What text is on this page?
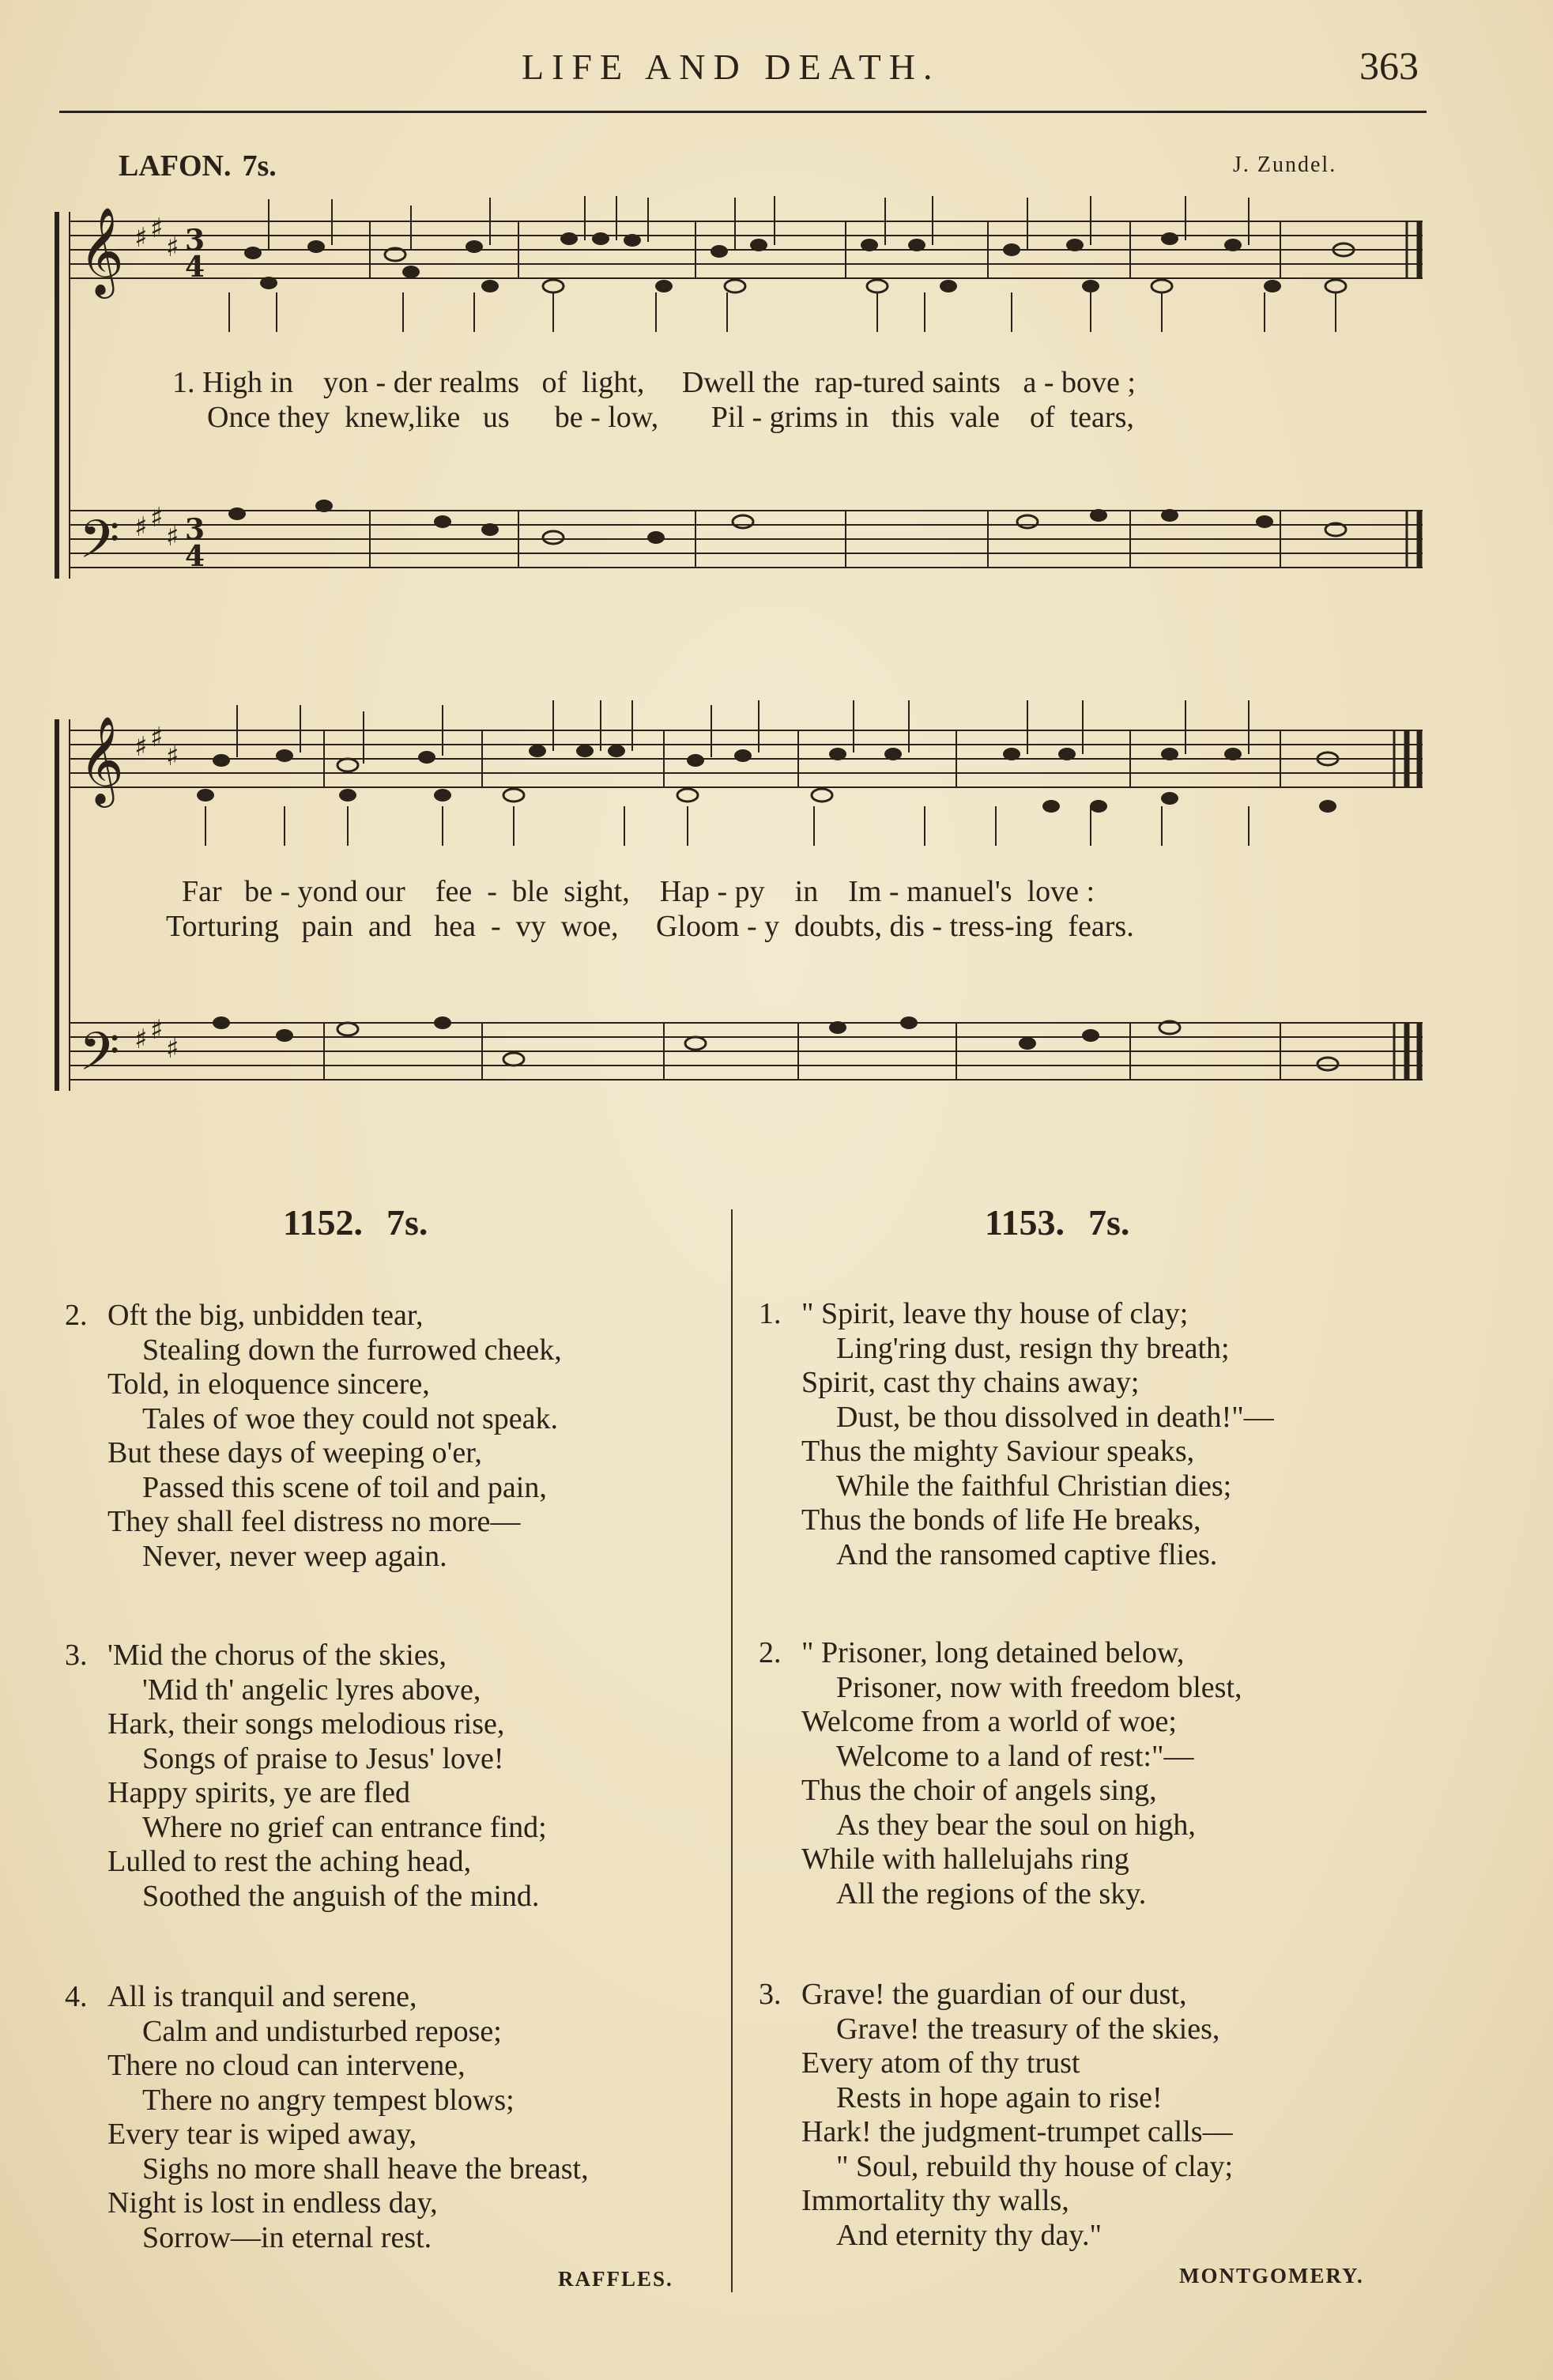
LIFE AND DEATH.	363
LAFON. 7s.	J. Zundel.
𝄞
𝄢
♯ ♯
♯
♯ ♯
♯
3
4
3
4
1. High in    yon - der realms   of  light,     Dwell the  rap-tured saints   a - bove ;
Once they  knew,like   us      be - low,       Pil - grims in   this  vale    of  tears,
𝄞
𝄢
♯ ♯
♯
♯ ♯
♯
Far   be - yond our    fee  -  ble  sight,    Hap - py    in    Im - manuel's  love :
Torturing   pain  and   hea  -  vy  woe,     Gloom - y  doubts, dis - tress-ing  fears.
1152. 7s.	1153. 7s.
2. Oft the big, unbidden tear,
Stealing down the furrowed cheek,
Told, in eloquence sincere,
Tales of woe they could not speak.
But these days of weeping o'er,
Passed this scene of toil and pain,
They shall feel distress no more—
Never, never weep again.
3. 'Mid the chorus of the skies,
'Mid th' angelic lyres above,
Hark, their songs melodious rise,
Songs of praise to Jesus' love!
Happy spirits, ye are fled
Where no grief can entrance find;
Lulled to rest the aching head,
Soothed the anguish of the mind.
4. All is tranquil and serene,
Calm and undisturbed repose;
There no cloud can intervene,
There no angry tempest blows;
Every tear is wiped away,
Sighs no more shall heave the breast,
Night is lost in endless day,
Sorrow—in eternal rest.
RAFFLES.
1. " Spirit, leave thy house of clay;
Ling'ring dust, resign thy breath;
Spirit, cast thy chains away;
Dust, be thou dissolved in death!"—
Thus the mighty Saviour speaks,
While the faithful Christian dies;
Thus the bonds of life He breaks,
And the ransomed captive flies.
2. " Prisoner, long detained below,
Prisoner, now with freedom blest,
Welcome from a world of woe;
Welcome to a land of rest:"—
Thus the choir of angels sing,
As they bear the soul on high,
While with hallelujahs ring
All the regions of the sky.
3. Grave! the guardian of our dust,
Grave! the treasury of the skies,
Every atom of thy trust
Rests in hope again to rise!
Hark! the judgment-trumpet calls—
" Soul, rebuild thy house of clay;
Immortality thy walls,
And eternity thy day."
MONTGOMERY.
